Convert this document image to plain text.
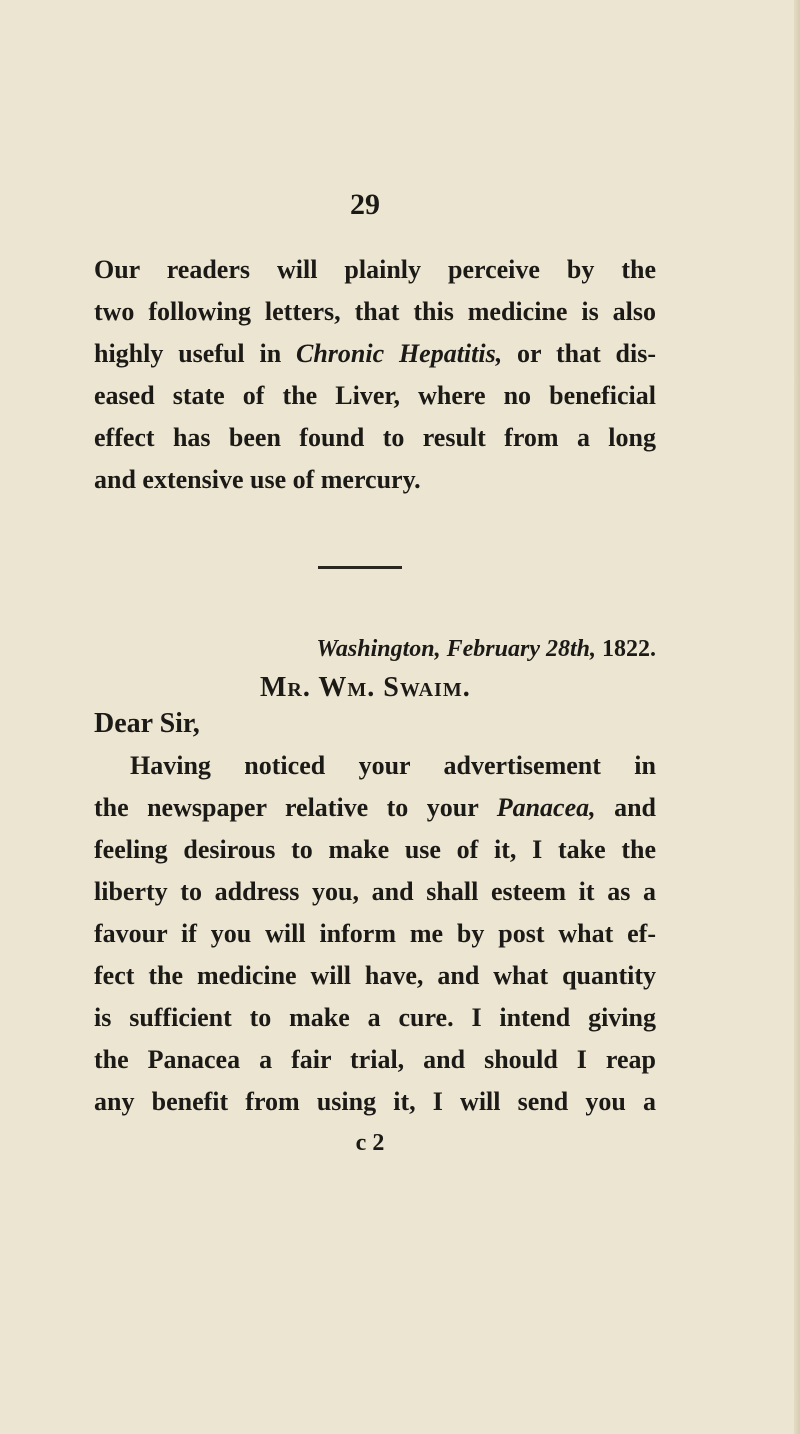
29
Our readers will plainly perceive by the
two following letters, that this medicine is also
highly useful in Chronic Hepatitis, or that dis-
eased state of the Liver, where no beneficial
effect has been found to result from a long
and extensive use of mercury.
Washington, February 28th, 1822.
Mr. Wm. Swaim.
Dear Sir,
Having noticed your advertisement in
the newspaper relative to your Panacea, and
feeling desirous to make use of it, I take the
liberty to address you, and shall esteem it as a
favour if you will inform me by post what ef-
fect the medicine will have, and what quantity
is sufficient to make a cure. I intend giving
the Panacea a fair trial, and should I reap
any benefit from using it, I will send you a
c 2
